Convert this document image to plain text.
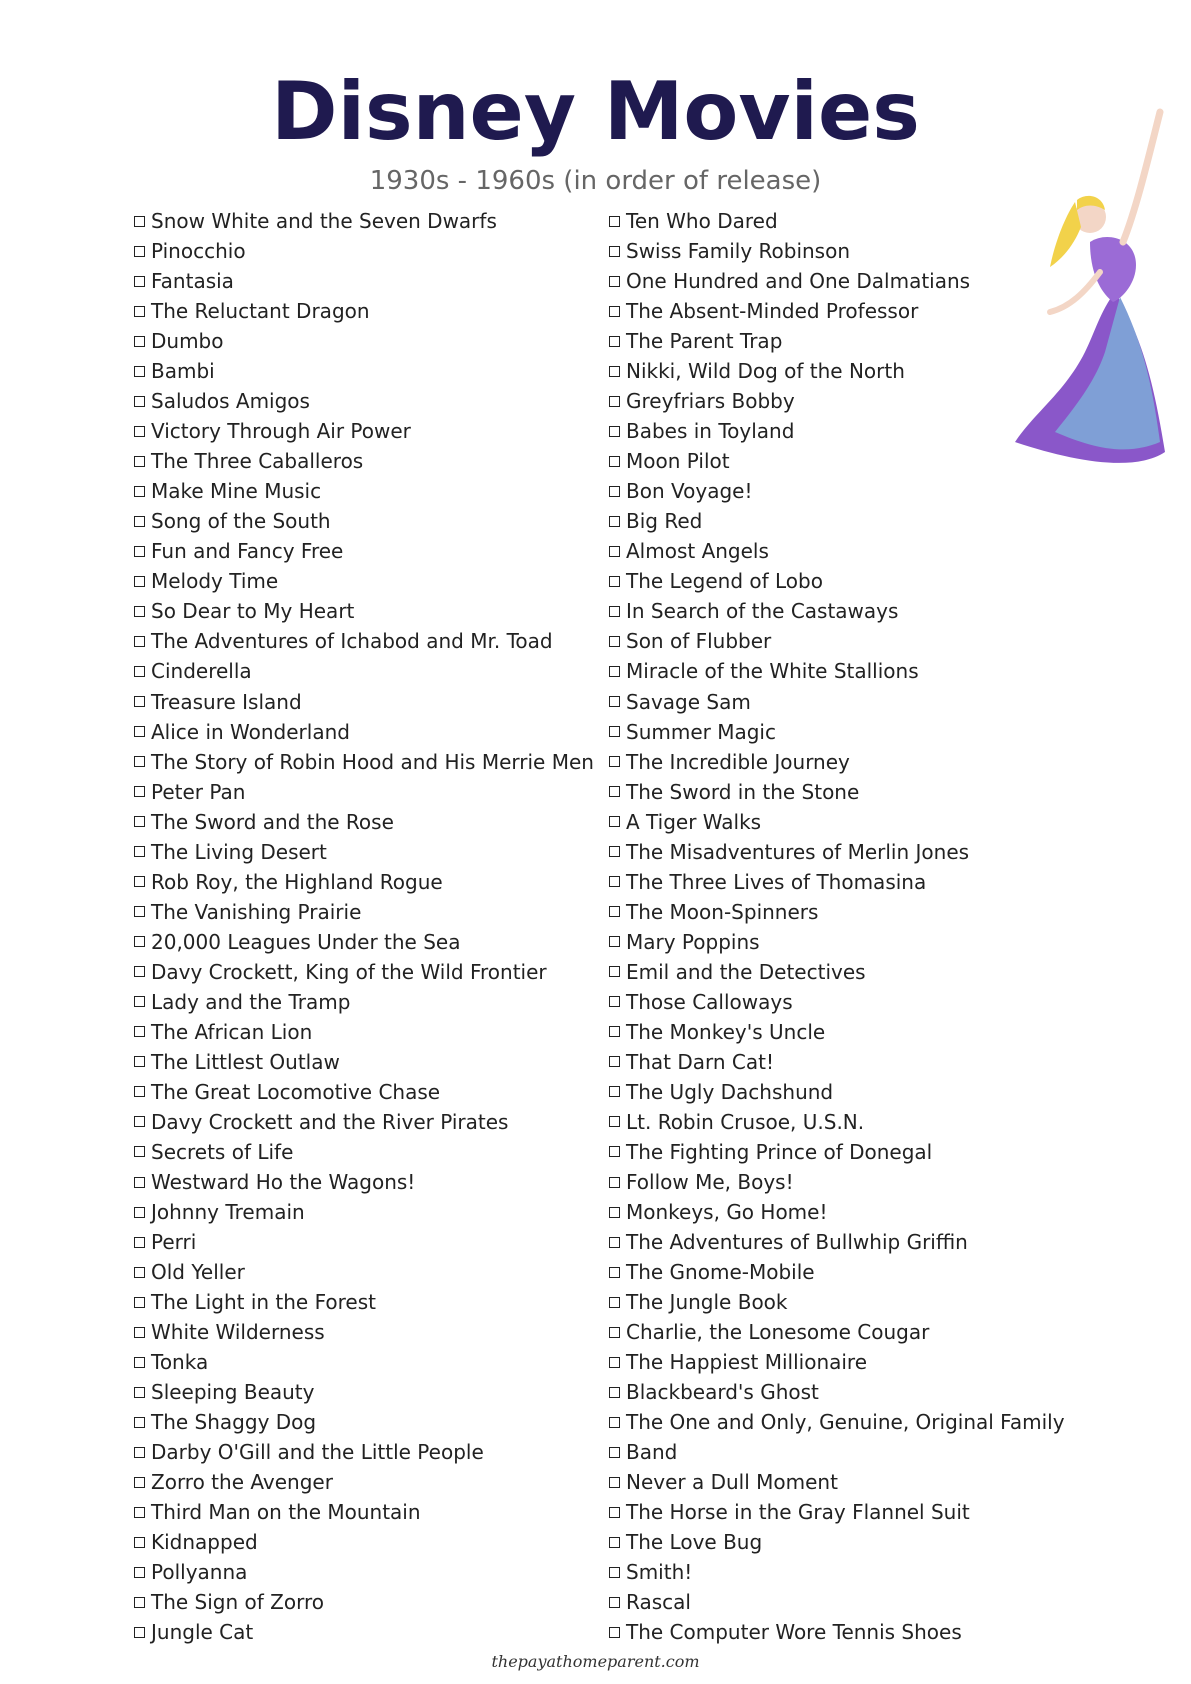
Disney Movies
1930s - 1960s (in order of release)
Snow White and the Seven Dwarfs
Pinocchio
Fantasia
The Reluctant Dragon
Dumbo
Bambi
Saludos Amigos
Victory Through Air Power
The Three Caballeros
Make Mine Music
Song of the South
Fun and Fancy Free
Melody Time
So Dear to My Heart
The Adventures of Ichabod and Mr. Toad
Cinderella
Treasure Island
Alice in Wonderland
The Story of Robin Hood and His Merrie Men
Peter Pan
The Sword and the Rose
The Living Desert
Rob Roy, the Highland Rogue
The Vanishing Prairie
20,000 Leagues Under the Sea
Davy Crockett, King of the Wild Frontier
Lady and the Tramp
The African Lion
The Littlest Outlaw
The Great Locomotive Chase
Davy Crockett and the River Pirates
Secrets of Life
Westward Ho the Wagons!
Johnny Tremain
Perri
Old Yeller
The Light in the Forest
White Wilderness
Tonka
Sleeping Beauty
The Shaggy Dog
Darby O'Gill and the Little People
Zorro the Avenger
Third Man on the Mountain
Kidnapped
Pollyanna
The Sign of Zorro
Jungle Cat
Ten Who Dared
Swiss Family Robinson
One Hundred and One Dalmatians
The Absent-Minded Professor
The Parent Trap
Nikki, Wild Dog of the North
Greyfriars Bobby
Babes in Toyland
Moon Pilot
Bon Voyage!
Big Red
Almost Angels
The Legend of Lobo
In Search of the Castaways
Son of Flubber
Miracle of the White Stallions
Savage Sam
Summer Magic
The Incredible Journey
The Sword in the Stone
A Tiger Walks
The Misadventures of Merlin Jones
The Three Lives of Thomasina
The Moon-Spinners
Mary Poppins
Emil and the Detectives
Those Calloways
The Monkey's Uncle
That Darn Cat!
The Ugly Dachshund
Lt. Robin Crusoe, U.S.N.
The Fighting Prince of Donegal
Follow Me, Boys!
Monkeys, Go Home!
The Adventures of Bullwhip Griffin
The Gnome-Mobile
The Jungle Book
Charlie, the Lonesome Cougar
The Happiest Millionaire
Blackbeard's Ghost
The One and Only, Genuine, Original Family
Band
Never a Dull Moment
The Horse in the Gray Flannel Suit
The Love Bug
Smith!
Rascal
The Computer Wore Tennis Shoes
thepayathomeparent.com
